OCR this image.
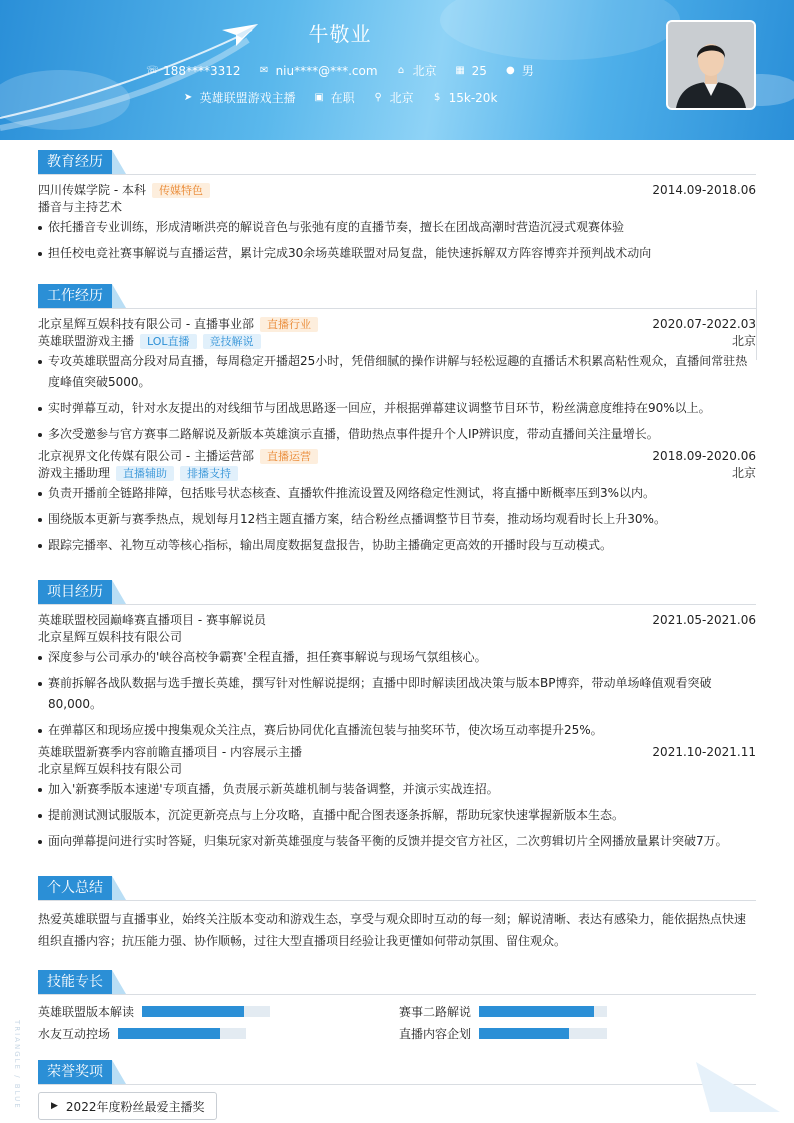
牛敬业
☏ 188****3312 ✉ niu****@***.com ⌂ 北京 ▦ 25 ● 男
➤ 英雄联盟游戏主播 ▣ 在职 ⚲ 北京 $ 15k-20k
教育经历
四川传媒学院 - 本科 传媒特色	2014.09-2018.06
播音与主持艺术
依托播音专业训练，形成清晰洪亮的解说音色与张弛有度的直播节奏，擅长在团战高潮时营造沉浸式观赛体验
担任校电竞社赛事解说与直播运营，累计完成30余场英雄联盟对局复盘，能快速拆解双方阵容博弈并预判战术动向
工作经历
北京星辉互娱科技有限公司 - 直播事业部 直播行业	2020.07-2022.03
英雄联盟游戏主播 LOL直播 竞技解说	北京
专攻英雄联盟高分段对局直播，每周稳定开播超25小时，凭借细腻的操作讲解与轻松逗趣的直播话术积累高粘性观众，直播间常驻热度峰值突破5000。
实时弹幕互动，针对水友提出的对线细节与团战思路逐一回应，并根据弹幕建议调整节目环节，粉丝满意度维持在90%以上。
多次受邀参与官方赛事二路解说及新版本英雄演示直播，借助热点事件提升个人IP辨识度，带动直播间关注量增长。
北京视界文化传媒有限公司 - 主播运营部 直播运营	2018.09-2020.06
游戏主播助理 直播辅助 排播支持	北京
负责开播前全链路排障，包括账号状态核查、直播软件推流设置及网络稳定性测试，将直播中断概率压到3%以内。
围绕版本更新与赛季热点，规划每月12档主题直播方案，结合粉丝点播调整节目节奏，推动场均观看时长上升30%。
跟踪完播率、礼物互动等核心指标，输出周度数据复盘报告，协助主播确定更高效的开播时段与互动模式。
项目经历
英雄联盟校园巅峰赛直播项目 - 赛事解说员	2021.05-2021.06
北京星辉互娱科技有限公司
深度参与公司承办的'峡谷高校争霸赛'全程直播，担任赛事解说与现场气氛组核心。
赛前拆解各战队数据与选手擅长英雄，撰写针对性解说提纲；直播中即时解读团战决策与版本BP博弈，带动单场峰值观看突破80,000。
在弹幕区和现场应援中搜集观众关注点，赛后协同优化直播流包装与抽奖环节，使次场互动率提升25%。
英雄联盟新赛季内容前瞻直播项目 - 内容展示主播	2021.10-2021.11
北京星辉互娱科技有限公司
加入'新赛季版本速递'专项直播，负责展示新英雄机制与装备调整，并演示实战连招。
提前测试测试服版本，沉淀更新亮点与上分攻略，直播中配合图表逐条拆解，帮助玩家快速掌握新版本生态。
面向弹幕提问进行实时答疑，归集玩家对新英雄强度与装备平衡的反馈并提交官方社区，二次剪辑切片全网播放量累计突破7万。
个人总结
热爱英雄联盟与直播事业，始终关注版本变动和游戏生态，享受与观众即时互动的每一刻；解说清晰、表达有感染力，能依据热点快速组织直播内容；抗压能力强、协作顺畅，过往大型直播项目经验让我更懂如何带动氛围、留住观众。
技能专长
英雄联盟版本解读	赛事二路解说
水友互动控场	直播内容企划
荣誉奖项
▶ 2022年度粉丝最爱主播奖
TRIANGLE / BLUE
